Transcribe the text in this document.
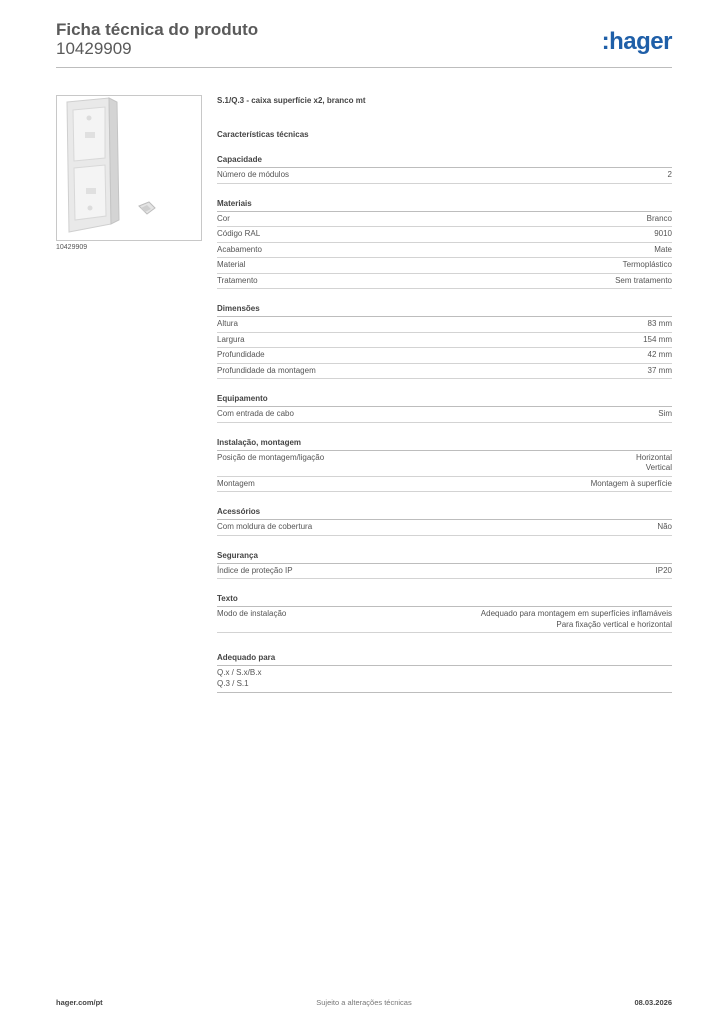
Ficha técnica do produto
10429909	:hager
10429909
S.1/Q.3 - caixa superfície x2, branco mt
Características técnicas
Capacidade
Número de módulos	2
Materiais
Cor	Branco
Código RAL	9010
Acabamento	Mate
Material	Termoplástico
Tratamento	Sem tratamento
Dimensões
Altura	83 mm
Largura	154 mm
Profundidade	42 mm
Profundidade da montagem	37 mm
Equipamento
Com entrada de cabo	Sim
Instalação, montagem
Posição de montagem/ligação	Horizontal
Vertical
Montagem	Montagem à superfície
Acessórios
Com moldura de cobertura	Não
Segurança
Índice de proteção IP	IP20
Texto
Modo de instalação	Adequado para montagem em superfícies inflamáveis
Para fixação vertical e horizontal
Adequado para
Q.x / S.x/B.x
Q.3 / S.1
hager.com/pt	Sujeito a alterações técnicas	08.03.2026
